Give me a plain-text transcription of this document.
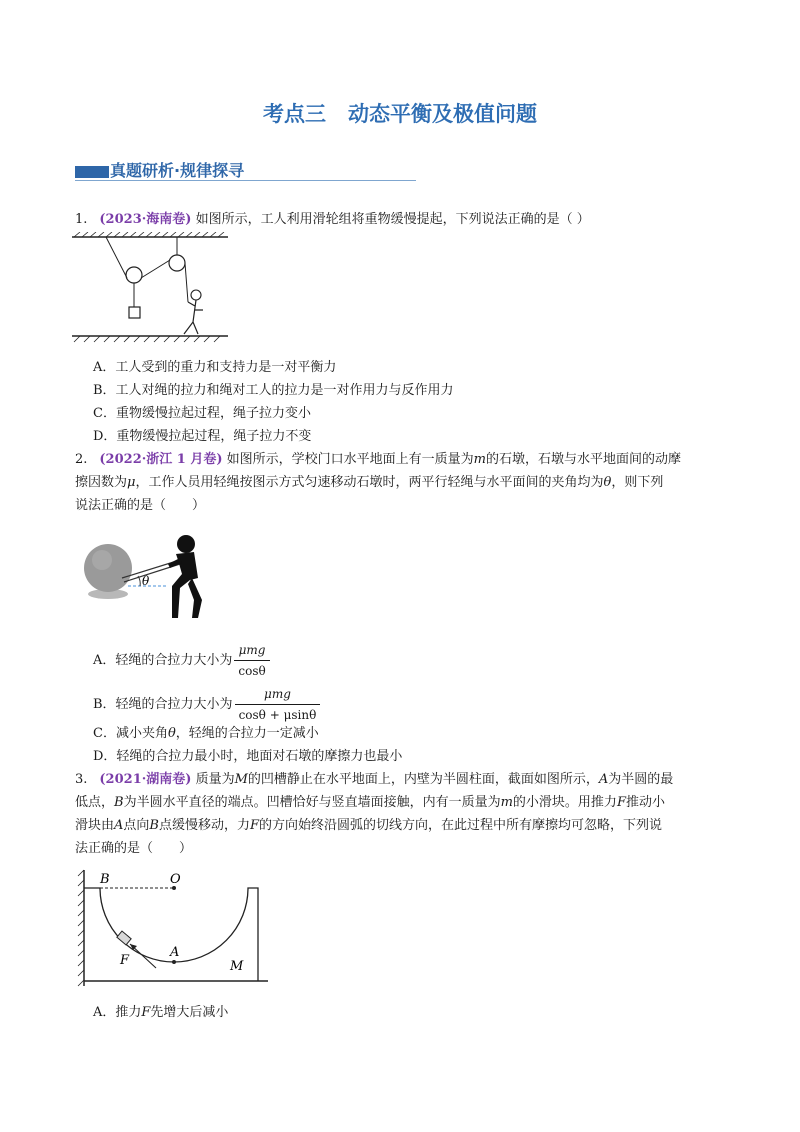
考点三 动态平衡及极值问题
真题研析·规律探寻
1. (2023·海南卷) 如图所示，工人利用滑轮组将重物缓慢提起，下列说法正确的是（ ）
A．工人受到的重力和支持力是一对平衡力
B．工人对绳的拉力和绳对工人的拉力是一对作用力与反作用力
C．重物缓慢拉起过程，绳子拉力变小
D．重物缓慢拉起过程，绳子拉力不变
2. (2022·浙江 1 月卷) 如图所示，学校门口水平地面上有一质量为m的石墩，石墩与水平地面间的动摩
擦因数为μ，工作人员用轻绳按图示方式匀速移动石墩时，两平行轻绳与水平面间的夹角均为θ，则下列
说法正确的是（　　）
θ
A．轻绳的合拉力大小为 $\frac{\text{μmg}}{\cos\theta}$
B．轻绳的合拉力大小为 $\frac{\text{μmg}}{\cos\theta + \mu\sin\theta}$
C．减小夹角θ，轻绳的合拉力一定减小
D．轻绳的合拉力最小时，地面对石墩的摩擦力也最小
3. (2021·湖南卷) 质量为M的凹槽静止在水平地面上，内壁为半圆柱面，截面如图所示，A为半圆的最
低点，B为半圆水平直径的端点。凹槽恰好与竖直墙面接触，内有一质量为m的小滑块。用推力F推动小
滑块由A点向B点缓慢移动，力F的方向始终沿圆弧的切线方向，在此过程中所有摩擦均可忽略，下列说
法正确的是（　　）
B	O
A
F	M
A．推力F先增大后减小
